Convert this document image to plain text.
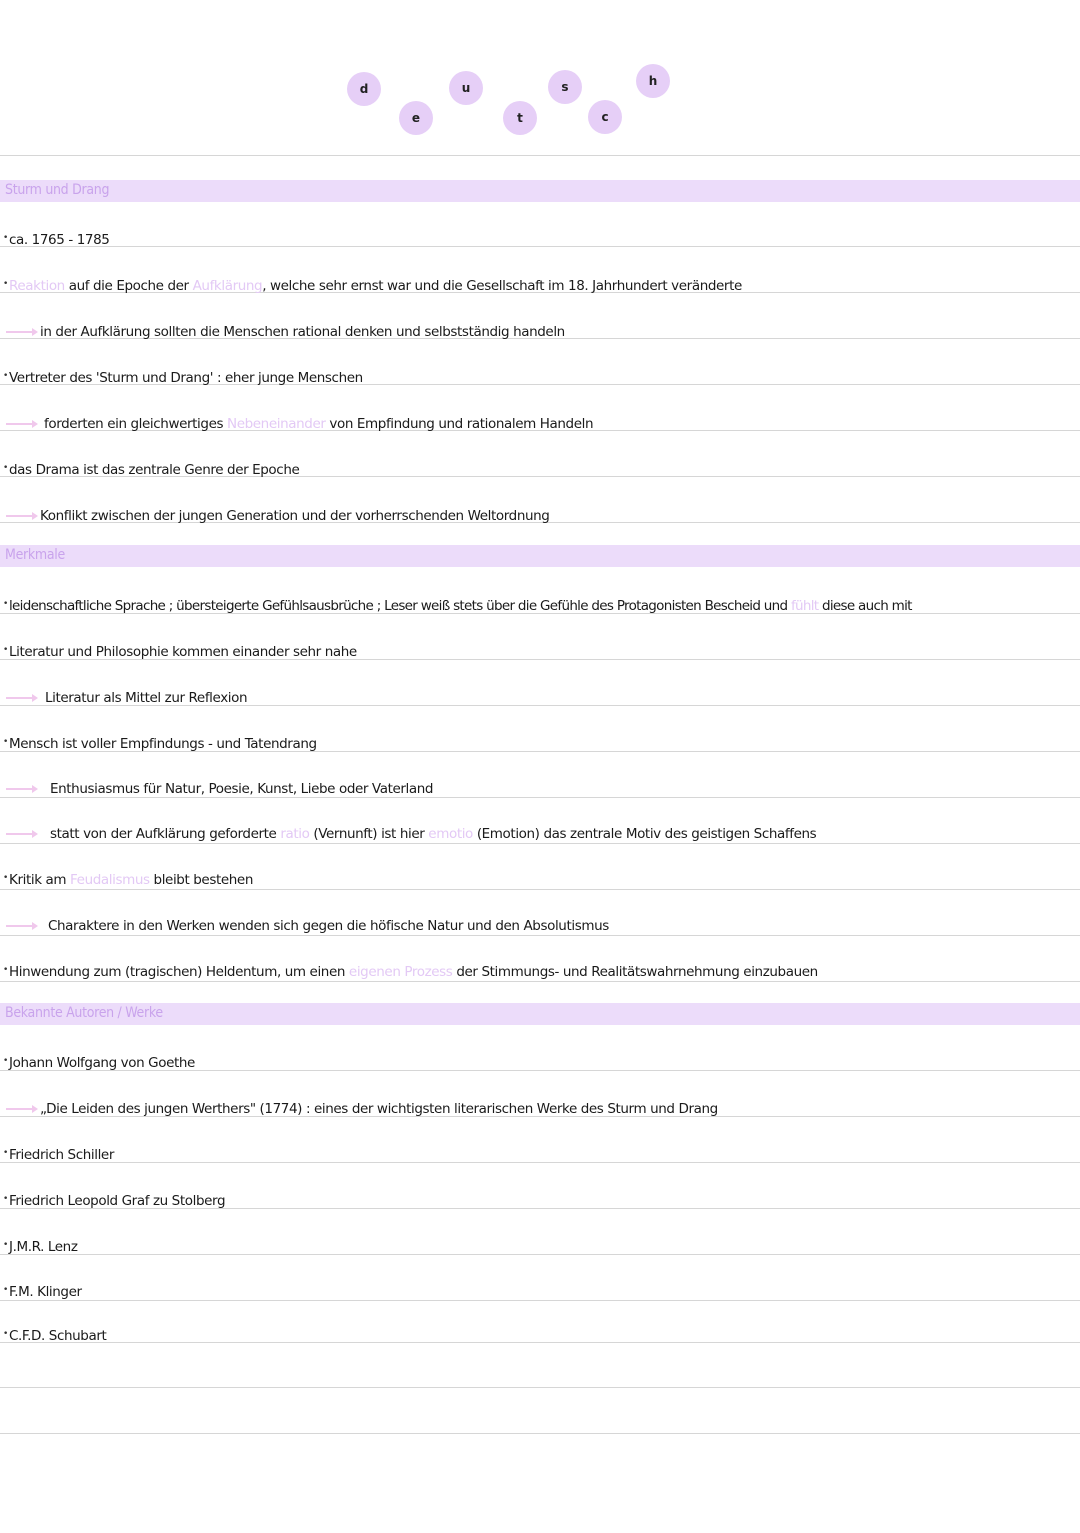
d
e
u
t
s
c
h
Sturm und Drang
• ca. 1765 - 1785
• Reaktion auf die Epoche der Aufklärung, welche sehr ernst war und die Gesellschaft im 18. Jahrhundert veränderte
in der Aufklärung sollten die Menschen rational denken und selbstständig handeln
• Vertreter des 'Sturm und Drang' : eher junge Menschen
forderten ein gleichwertiges Nebeneinander von Empfindung und rationalem Handeln
• das Drama ist das zentrale Genre der Epoche
Konflikt zwischen der jungen Generation und der vorherrschenden Weltordnung
Merkmale
• leidenschaftliche Sprache ; übersteigerte Gefühlsausbrüche ; Leser weiß stets über die Gefühle des Protagonisten Bescheid und fühlt diese auch mit
• Literatur und Philosophie kommen einander sehr nahe
Literatur als Mittel zur Reflexion
• Mensch ist voller Empfindungs - und Tatendrang
Enthusiasmus für Natur, Poesie, Kunst, Liebe oder Vaterland
statt von der Aufklärung geforderte ratio (Vernunft) ist hier emotio (Emotion) das zentrale Motiv des geistigen Schaffens
• Kritik am Feudalismus bleibt bestehen
Charaktere in den Werken wenden sich gegen die höfische Natur und den Absolutismus
• Hinwendung zum (tragischen) Heldentum, um einen eigenen Prozess der Stimmungs- und Realitätswahrnehmung einzubauen
Bekannte Autoren / Werke
• Johann Wolfgang von Goethe
„Die Leiden des jungen Werthers" (1774) : eines der wichtigsten literarischen Werke des Sturm und Drang
• Friedrich Schiller
• Friedrich Leopold Graf zu Stolberg
• J.M.R. Lenz
• F.M. Klinger
• C.F.D. Schubart
